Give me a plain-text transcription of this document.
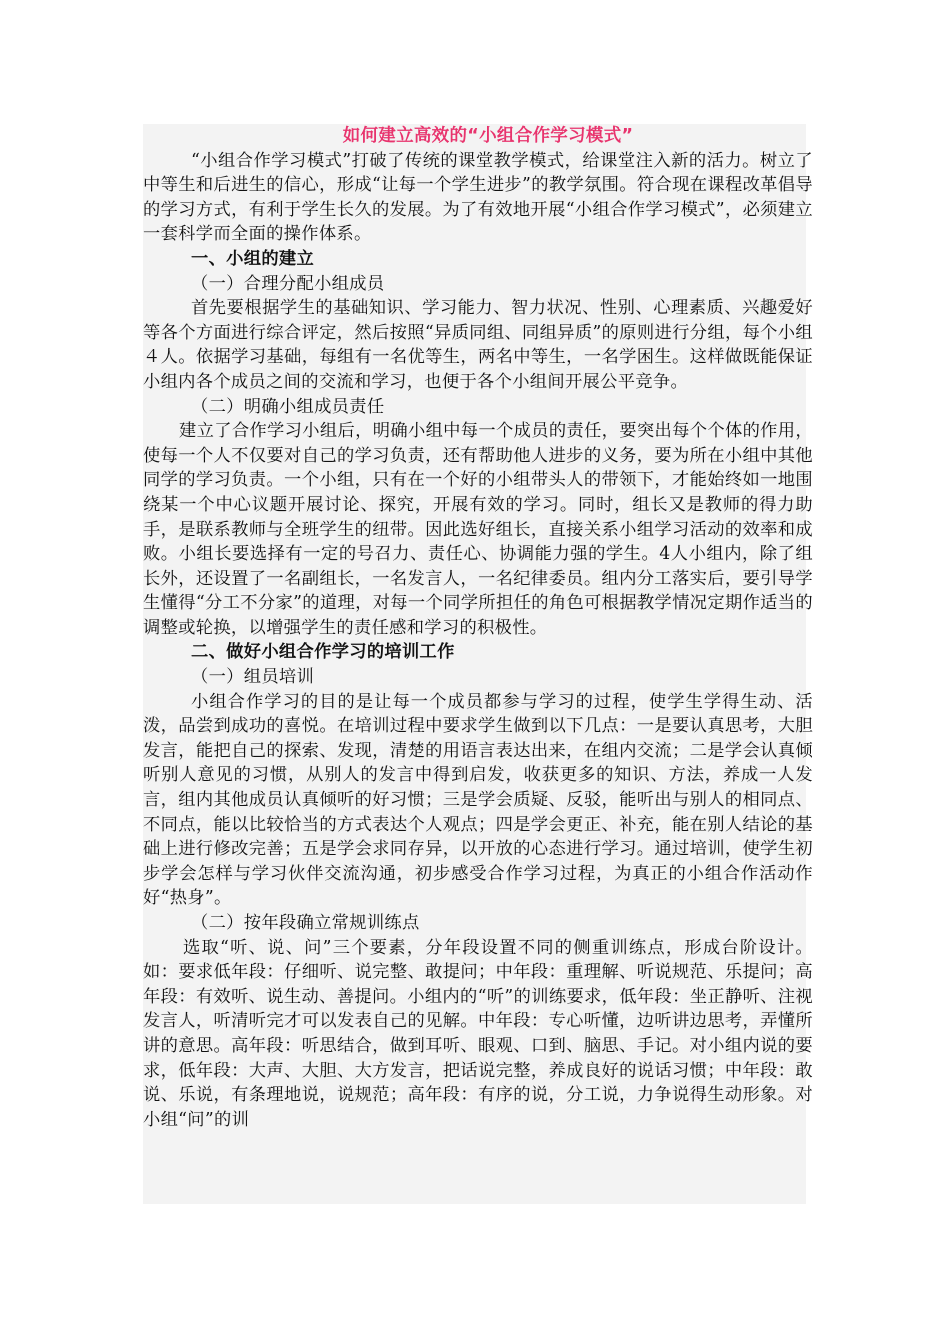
如何建立高效的“小组合作学习模式”

“小组合作学习模式”打破了传统的课堂教学模式，给课堂注入新的活力。树立了中等生和后进生的信心，形成“让每一个学生进步”的教学氛围。符合现在课程改革倡导的学习方式，有利于学生长久的发展。为了有效地开展“小组合作学习模式”，必须建立一套科学而全面的操作体系。

一、小组的建立
（一）合理分配小组成员

首先要根据学生的基础知识、学习能力、智力状况、性别、心理素质、兴趣爱好等各个方面进行综合评定，然后按照“异质同组、同组异质”的原则进行分组，每个小组４人。依据学习基础，每组有一名优等生，两名中等生，一名学困生。这样做既能保证小组内各个成员之间的交流和学习，也便于各个小组间开展公平竞争。

（二）明确小组成员责任

建立了合作学习小组后，明确小组中每一个成员的责任，要突出每个个体的作用，使每一个人不仅要对自己的学习负责，还有帮助他人进步的义务，要为所在小组中其他同学的学习负责。一个小组，只有在一个好的小组带头人的带领下，才能始终如一地围绕某一个中心议题开展讨论、探究，开展有效的学习。同时，组长又是教师的得力助手，是联系教师与全班学生的纽带。因此选好组长，直接关系小组学习活动的效率和成败。小组长要选择有一定的号召力、责任心、协调能力强的学生。4人小组内，除了组长外，还设置了一名副组长，一名发言人，一名纪律委员。组内分工落实后，要引导学生懂得“分工不分家”的道理，对每一个同学所担任的角色可根据教学情况定期作适当的调整或轮换，以增强学生的责任感和学习的积极性。

二、做好小组合作学习的培训工作
（一）组员培训

小组合作学习的目的是让每一个成员都参与学习的过程，使学生学得生动、活泼，品尝到成功的喜悦。在培训过程中要求学生做到以下几点：一是要认真思考，大胆发言，能把自己的探索、发现，清楚的用语言表达出来，在组内交流；二是学会认真倾听别人意见的习惯，从别人的发言中得到启发，收获更多的知识、方法，养成一人发言，组内其他成员认真倾听的好习惯；三是学会质疑、反驳，能听出与别人的相同点、不同点，能以比较恰当的方式表达个人观点；四是学会更正、补充，能在别人结论的基础上进行修改完善；五是学会求同存异，以开放的心态进行学习。通过培训，使学生初步学会怎样与学习伙伴交流沟通，初步感受合作学习过程，为真正的小组合作活动作好“热身”。

（二）按年段确立常规训练点

选取“听、说、问”三个要素，分年段设置不同的侧重训练点，形成台阶设计。如：要求低年段：仔细听、说完整、敢提问；中年段：重理解、听说规范、乐提问；高年段：有效听、说生动、善提问。小组内的“听”的训练要求，低年段：坐正静听、注视发言人，听清听完才可以发表自己的见解。中年段：专心听懂，边听讲边思考，弄懂所讲的意思。高年段：听思结合，做到耳听、眼观、口到、脑思、手记。对小组内说的要求，低年段：大声、大胆、大方发言，把话说完整，养成良好的说话习惯；中年段：敢说、乐说，有条理地说，说规范；高年段：有序的说，分工说，力争说得生动形象。对小组“问”的训
